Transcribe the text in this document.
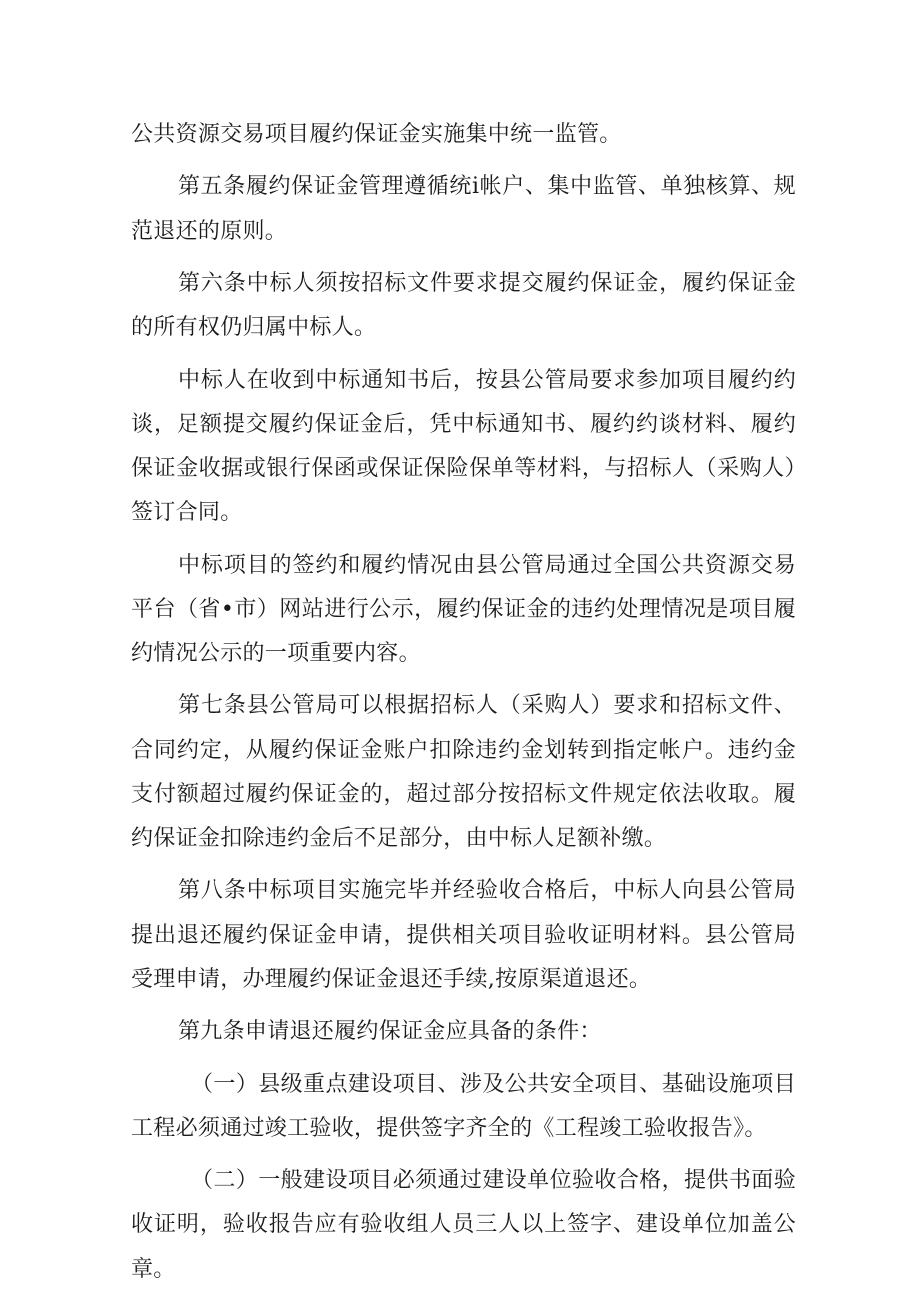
公共资源交易项目履约保证金实施集中统一监管。

第五条履约保证金管理遵循统i帐户、集中监管、单独核算、规范退还的原则。

第六条中标人须按招标文件要求提交履约保证金，履约保证金的所有权仍归属中标人。

中标人在收到中标通知书后，按县公管局要求参加项目履约约谈，足额提交履约保证金后，凭中标通知书、履约约谈材料、履约保证金收据或银行保函或保证保险保单等材料，与招标人（采购人）签订合同。

中标项目的签约和履约情况由县公管局通过全国公共资源交易平台（省•市）网站进行公示，履约保证金的违约处理情况是项目履约情况公示的一项重要内容。

第七条县公管局可以根据招标人（采购人）要求和招标文件、合同约定，从履约保证金账户扣除违约金划转到指定帐户。违约金支付额超过履约保证金的，超过部分按招标文件规定依法收取。履约保证金扣除违约金后不足部分，由中标人足额补缴。

第八条中标项目实施完毕并经验收合格后，中标人向县公管局提出退还履约保证金申请，提供相关项目验收证明材料。县公管局受理申请，办理履约保证金退还手续,按原渠道退还。

第九条申请退还履约保证金应具备的条件：

（一）县级重点建设项目、涉及公共安全项目、基础设施项目工程必须通过竣工验收，提供签字齐全的《工程竣工验收报告》。

（二）一般建设项目必须通过建设单位验收合格，提供书面验收证明，验收报告应有验收组人员三人以上签字、建设单位加盖公章。
